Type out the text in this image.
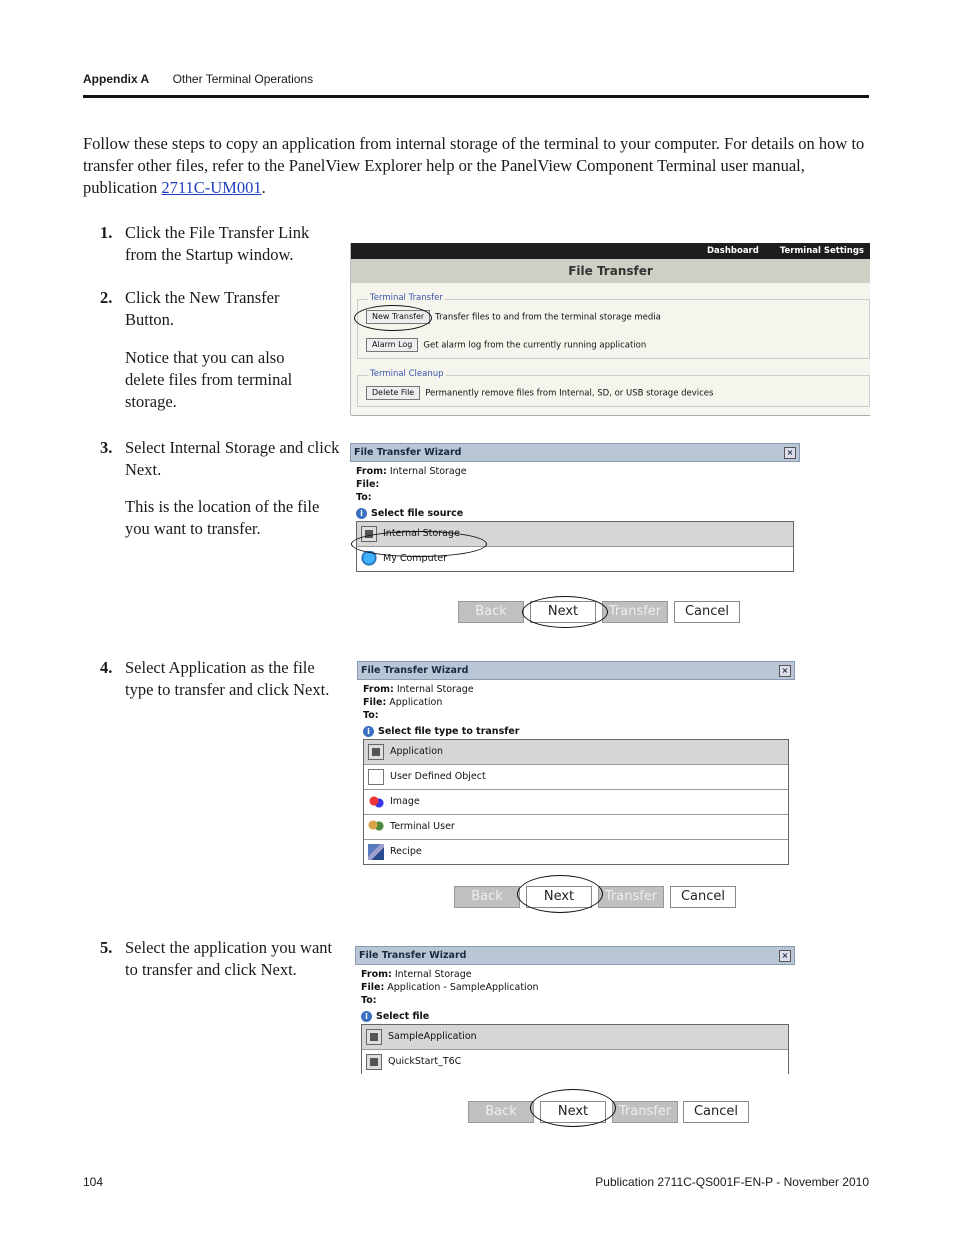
Appendix A Other Terminal Operations
Follow these steps to copy an application from internal storage of the terminal to your computer. For details on how to transfer other files, refer to the PanelView Explorer help or the PanelView Component Terminal user manual, publication 2711C-UM001.
1. Click the File Transfer Link from the Startup window.
2. Click the New Transfer Button.
Notice that you can also delete files from terminal storage.
3. Select Internal Storage and click Next.
This is the location of the file you want to transfer.
4. Select Application as the file type to transfer and click Next.
5. Select the application you want to transfer and click Next.
Dashboard Terminal Settings
File Transfer
Terminal Transfer
New Transfer Transfer files to and from the terminal storage media
Alarm Log Get alarm log from the currently running application
Terminal Cleanup
Delete File Permanently remove files from Internal, SD, or USB storage devices
File Transfer Wizard	×
From: Internal Storage
File:
To:
i Select file source
Internal Storage
My Computer
Back	Next	Transfer	Cancel
File Transfer Wizard	×
From: Internal Storage
File: Application
To:
i Select file type to transfer
Application
User Defined Object
Image
Terminal User
Recipe
Back	Next	Transfer	Cancel
File Transfer Wizard	×
From: Internal Storage
File: Application - SampleApplication
To:
i Select file
SampleApplication
QuickStart_T6C
Back	Next	Transfer	Cancel
104	Publication 2711C-QS001F-EN-P - November 2010
